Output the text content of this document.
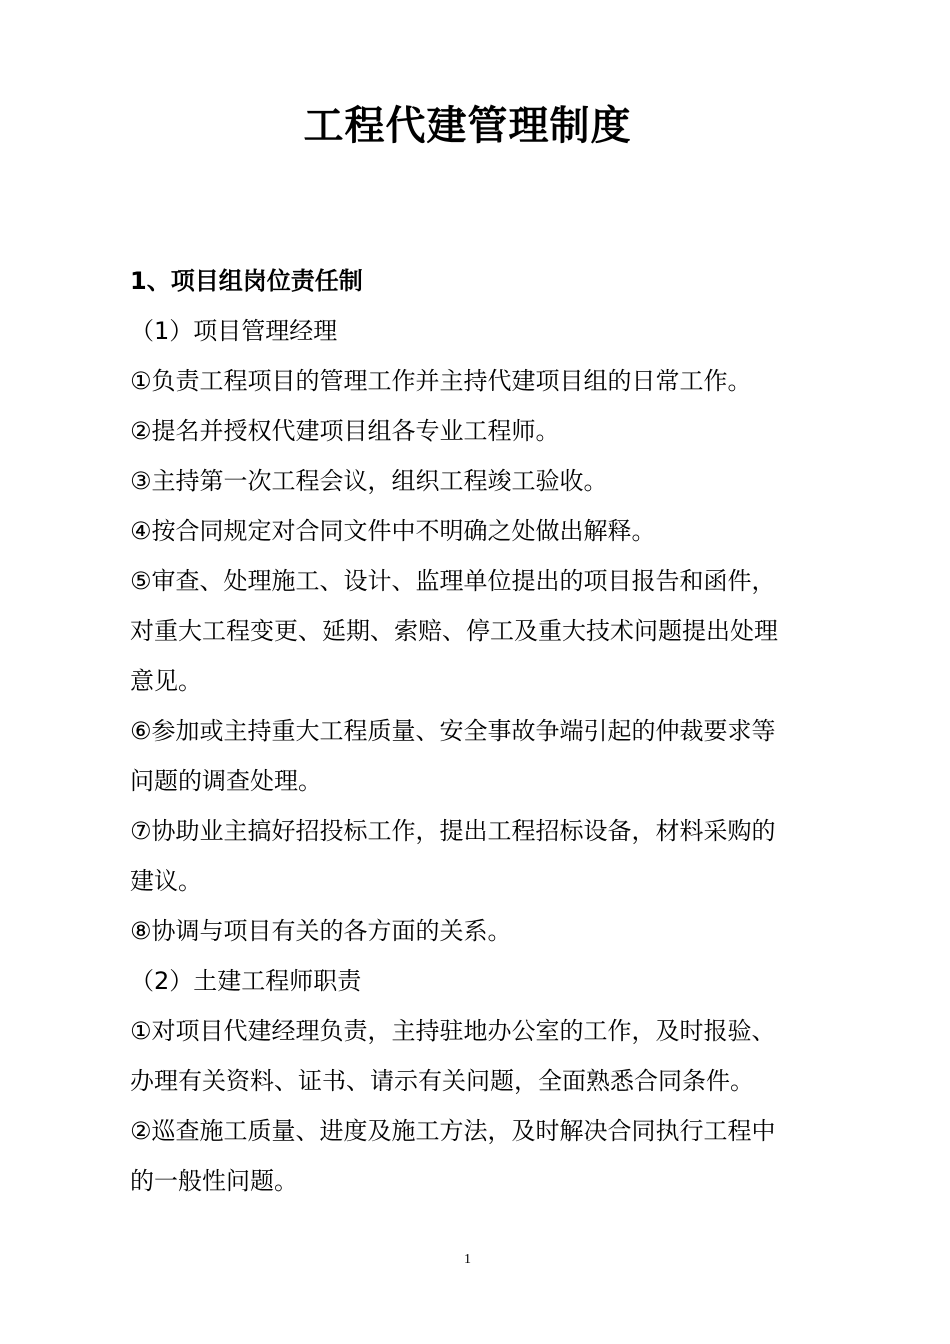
工程代建管理制度
1、项目组岗位责任制
（1）项目管理经理
①负责工程项目的管理工作并主持代建项目组的日常工作。
②提名并授权代建项目组各专业工程师。
③主持第一次工程会议，组织工程竣工验收。
④按合同规定对合同文件中不明确之处做出解释。
⑤审查、处理施工、设计、监理单位提出的项目报告和函件，
对重大工程变更、延期、索赔、停工及重大技术问题提出处理
意见。
⑥参加或主持重大工程质量、安全事故争端引起的仲裁要求等
问题的调查处理。
⑦协助业主搞好招投标工作，提出工程招标设备，材料采购的
建议。
⑧协调与项目有关的各方面的关系。
（2）土建工程师职责
①对项目代建经理负责，主持驻地办公室的工作，及时报验、
办理有关资料、证书、请示有关问题，全面熟悉合同条件。
②巡查施工质量、进度及施工方法，及时解决合同执行工程中
的一般性问题。
1
